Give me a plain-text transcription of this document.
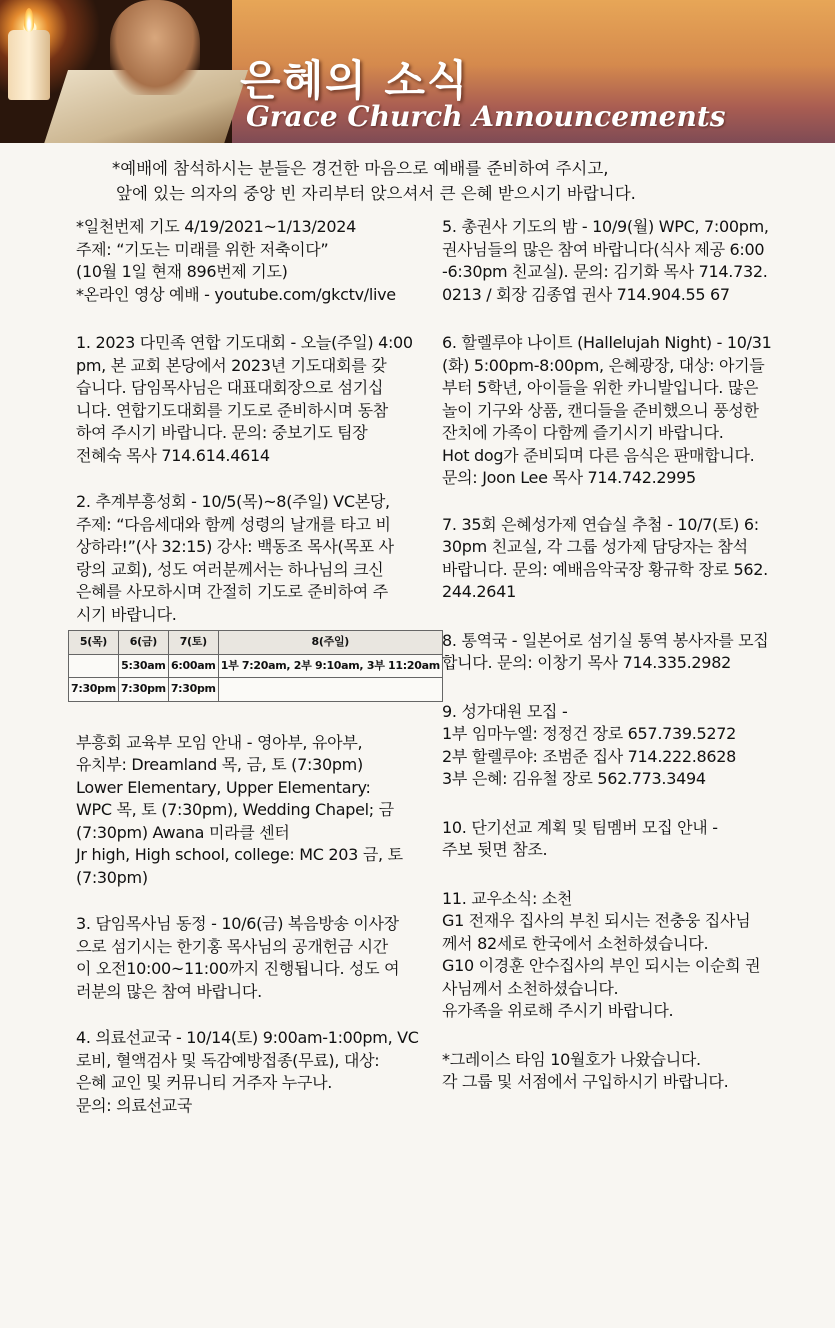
은혜의 소식
Grace Church Announcements
*예배에 참석하시는 분들은 경건한 마음으로 예배를 준비하여 주시고,
앞에 있는 의자의 중앙 빈 자리부터 앉으셔서 큰 은혜 받으시기 바랍니다.

*일천번제 기도 4/19/2021~1/13/2024

주제: “기도는 미래를 위한 저축이다”

(10월 1일 현재 896번제 기도)

*온라인 영상 예배 - youtube.com/gkctv/live

1. 2023 다민족 연합 기도대회 - 오늘(주일) 4:00

pm, 본 교회 본당에서 2023년 기도대회를 갖

습니다. 담임목사님은 대표대회장으로 섬기십

니다. 연합기도대회를 기도로 준비하시며 동참

하여 주시기 바랍니다. 문의: 중보기도 팀장

전혜숙 목사 714.614.4614

2. 추계부흥성회 - 10/5(목)~8(주일) VC본당,

주제: “다음세대와 함께 성령의 날개를 타고 비

상하라!”(사 32:15) 강사: 백동조 목사(목포 사

랑의 교회), 성도 여러분께서는 하나님의 크신

은혜를 사모하시며 간절히 기도로 준비하여 주

시기 바랍니다.

5(목)	6(금)	7(토)	8(주일)
	5:30am	6:00am	1부 7:20am, 2부 9:10am, 3부 11:20am
7:30pm	7:30pm	7:30pm	

부흥회 교육부 모임 안내 - 영아부, 유아부,

유치부: Dreamland 목, 금, 토 (7:30pm)

Lower Elementary, Upper Elementary:

WPC 목, 토 (7:30pm), Wedding Chapel; 금

(7:30pm) Awana 미라클 센터

Jr high, High school, college: MC 203 금, 토

(7:30pm)

3. 담임목사님 동정 - 10/6(금) 복음방송 이사장

으로 섬기시는 한기홍 목사님의 공개헌금 시간

이 오전10:00~11:00까지 진행됩니다. 성도 여

러분의 많은 참여 바랍니다.

4. 의료선교국 - 10/14(토) 9:00am-1:00pm, VC

로비, 혈액검사 및 독감예방접종(무료), 대상:

은혜 교인 및 커뮤니티 거주자 누구나.

문의: 의료선교국

5. 총권사 기도의 밤 - 10/9(월) WPC, 7:00pm,

권사님들의 많은 참여 바랍니다(식사 제공 6:00

-6:30pm 친교실). 문의: 김기화 목사 714.732.

0213 / 회장 김종엽 권사 714.904.55 67

6. 할렐루야 나이트 (Hallelujah Night) - 10/31

(화) 5:00pm-8:00pm, 은혜광장, 대상: 아기들

부터 5학년, 아이들을 위한 카니발입니다. 많은

놀이 기구와 상품, 캔디들을 준비했으니 풍성한

잔치에 가족이 다함께 즐기시기 바랍니다.

Hot dog가 준비되며 다른 음식은 판매합니다.

문의: Joon Lee 목사 714.742.2995

7. 35회 은혜성가제 연습실 추첨 - 10/7(토) 6:

30pm 친교실, 각 그룹 성가제 담당자는 참석

바랍니다. 문의: 예배음악국장 황규학 장로 562.

244.2641

8. 통역국 - 일본어로 섬기실 통역 봉사자를 모집

합니다. 문의: 이창기 목사 714.335.2982

9. 성가대원 모집 -

1부 임마누엘: 정정건 장로 657.739.5272

2부 할렐루야: 조범준 집사 714.222.8628

3부 은혜: 김유철 장로 562.773.3494

10. 단기선교 계획 및 팀멤버 모집 안내 -

주보 뒷면 참조.

11. 교우소식: 소천

G1 전재우 집사의 부친 되시는 전충웅 집사님

께서 82세로 한국에서 소천하셨습니다.

G10 이경훈 안수집사의 부인 되시는 이순희 권

사님께서 소천하셨습니다.

유가족을 위로해 주시기 바랍니다.

*그레이스 타임 10월호가 나왔습니다.

각 그룹 및 서점에서 구입하시기 바랍니다.
